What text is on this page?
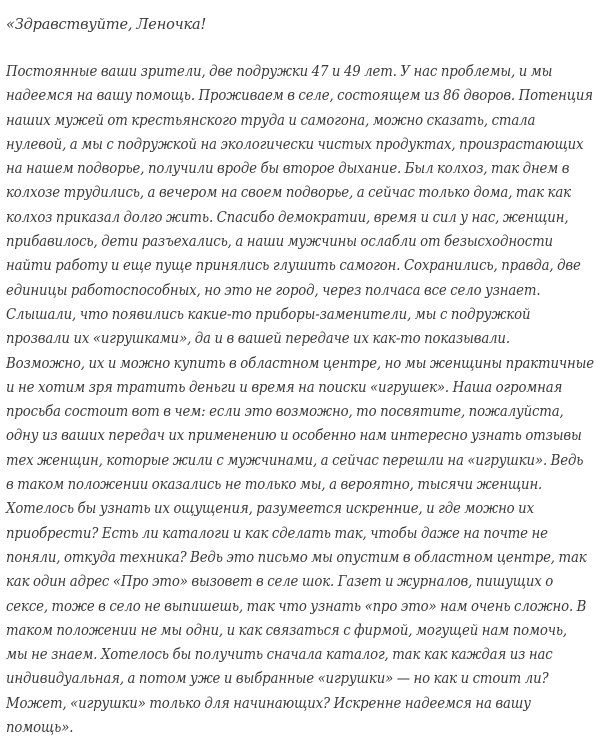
«Здравствуйте, Леночка!

Постоянные ваши зрители, две подружки 47 и 49 лет. У нас проблемы, и мы
надеемся на вашу помощь. Проживаем в селе, состоящем из 86 дворов. Потенция
наших мужей от крестьянского труда и самогона, можно сказать, стала
нулевой, а мы с подружкой на экологически чистых продуктах, произрастающих
на нашем подворье, получили вроде бы второе дыхание. Был колхоз, так днем в
колхозе трудились, а вечером на своем подворье, а сейчас только дома, так как
колхоз приказал долго жить. Спасибо демократии, время и сил у нас, женщин,
прибавилось, дети разъехались, а наши мужчины ослабли от безысходности
найти работу и еще пуще принялись глушить самогон. Сохранились, правда, две
единицы работоспособных, но это не город, через полчаса все село узнает.
Слышали, что появились какие-то приборы-заменители, мы с подружкой
прозвали их «игрушками», да и в вашей передаче их как-то показывали.
Возможно, их и можно купить в областном центре, но мы женщины практичные
и не хотим зря тратить деньги и время на поиски «игрушек». Наша огромная
просьба состоит вот в чем: если это возможно, то посвятите, пожалуйста,
одну из ваших передач их применению и особенно нам интересно узнать отзывы
тех женщин, которые жили с мужчинами, а сейчас перешли на «игрушки». Ведь
в таком положении оказались не только мы, а вероятно, тысячи женщин.
Хотелось бы узнать их ощущения, разумеется искренние, и где можно их
приобрести? Есть ли каталоги и как сделать так, чтобы даже на почте не
поняли, откуда техника? Ведь это письмо мы опустим в областном центре, так
как один адрес «Про это» вызовет в селе шок. Газет и журналов, пишущих о
сексе, тоже в село не выпишешь, так что узнать «про это» нам очень сложно. В
таком положении не мы одни, и как связаться с фирмой, могущей нам помочь,
мы не знаем. Хотелось бы получить сначала каталог, так как каждая из нас
индивидуальная, а потом уже и выбранные «игрушки» — но как и стоит ли?
Может, «игрушки» только для начинающих? Искренне надеемся на вашу
помощь».
